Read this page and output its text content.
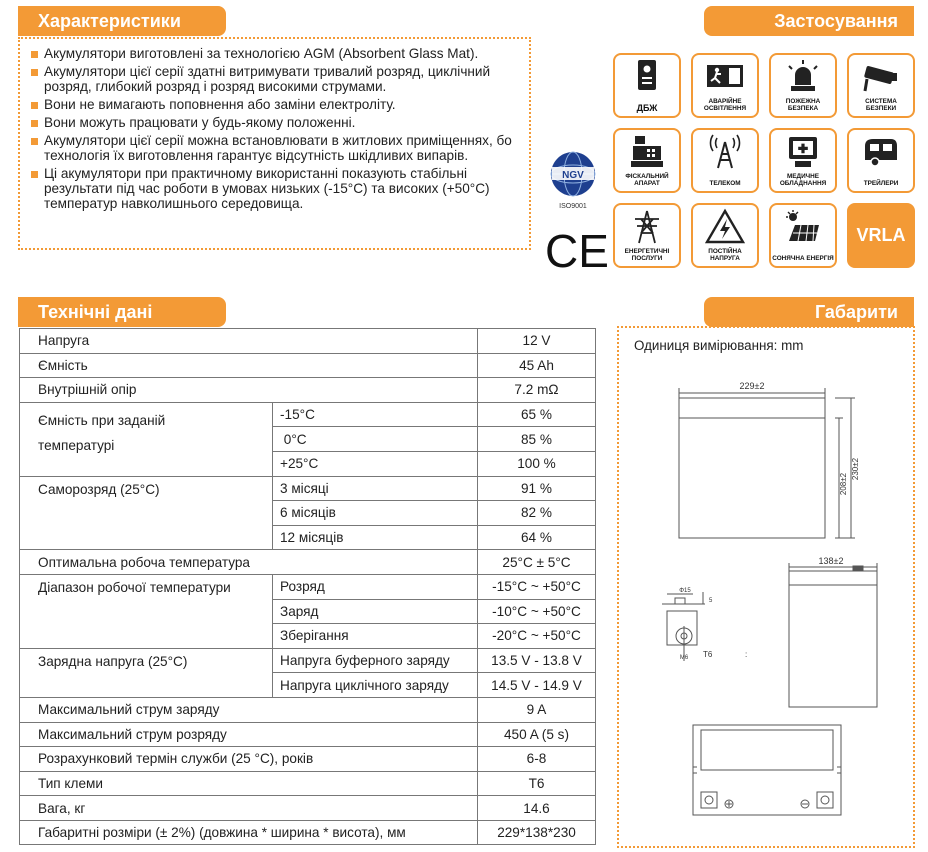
Характеристики	Застосування
Технічні дані	Габарити
Акумулятори виготовлені за технологією AGM (Absorbent Glass Mat).
Акумулятори цієї серії здатні витримувати тривалий розряд, циклічний розряд, глибокий розряд і розряд високими струмами.
Вони не вимагають поповнення або заміни електроліту.
Вони можуть працювати у будь-якому положенні.
Акумулятори цієї серії можна встановлювати в житлових приміщеннях, бо технологія їх виготовлення гарантує відсутність шкідливих випарів.
Ці акумулятори при практичному використанні показують стабільні результати під час роботи в умовах низьких (-15°C) та високих (+50°C) температур навколишнього середовища.
NGV
ISO9001
CE
ДБЖ
АВАРІЙНЕ ОСВІТЛЕННЯ
ПОЖЕЖНА БЕЗПЕКА
СИСТЕМА БЕЗПЕКИ
ФІСКАЛЬНИЙ АПАРАТ	ТЕЛЕКОМ
МЕДИЧНЕ ОБЛАДНАННЯ	ТРЕЙЛЕРИ
ЕНЕРГЕТИЧНІ ПОСЛУГИ
ПОСТІЙНА НАПРУГА	СОНЯЧНА ЕНЕРГІЯ
VRLA
Напруга		12 V
Ємність		45 Ah
Внутрішній опір		7.2 mΩ
Ємність при заданій
температурі	-15°C	65 %
	0°C	85 %
	+25°C	100 %
Саморозряд (25°C)	3 місяці	91 %
	6 місяців	82 %
	12 місяців	64 %
Оптимальна робоча температура		25°C ± 5°C
Діапазон робочої температури	Розряд	-15°C ~ +50°C
	Заряд	-10°C ~ +50°C
	Зберігання	-20°C ~ +50°C
Зарядна напруга (25°C)	Напруга буферного заряду	13.5 V - 13.8 V
	Напруга циклічного заряду	14.5 V - 14.9 V
Максимальний струм заряду		9 A
Максимальний струм розряду		450 A (5 s)
Розрахунковий термін служби (25 °C), років		6-8
Тип клеми		T6
Вага, кг		14.6
Габаритні розміри (± 2%) (довжина * ширина * висота), мм		229*138*230
Одиниця вимірювання: mm
229±2
208±2
230±2
Φ15
5
M6 T6	:
138±2
